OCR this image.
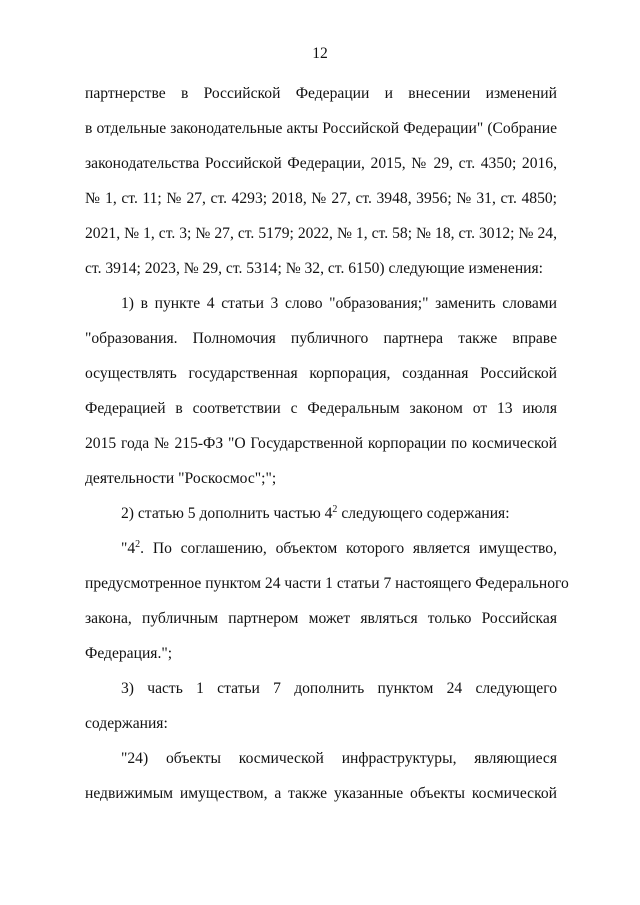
12
партнерстве в Российской Федерации и внесении изменений
в отдельные законодательные акты Российской Федерации" (Собрание
законодательства Российской Федерации, 2015, № 29, ст. 4350; 2016,
№ 1, ст. 11; № 27, ст. 4293; 2018, № 27, ст. 3948, 3956; № 31, ст. 4850;
2021, № 1, ст. 3; № 27, ст. 5179; 2022, № 1, ст. 58; № 18, ст. 3012; № 24,
ст. 3914; 2023, № 29, ст. 5314; № 32, ст. 6150) следующие изменения:
1) в пункте 4 статьи 3 слово "образования;" заменить словами
"образования. Полномочия публичного партнера также вправе
осуществлять государственная корпорация, созданная Российской
Федерацией в соответствии с Федеральным законом от 13 июля
2015 года № 215-ФЗ "О Государственной корпорации по космической
деятельности "Роскосмос";";
2) статью 5 дополнить частью $4^2$ следующего содержания:
"$4^2$. По соглашению, объектом которого является имущество,
предусмотренное пунктом 24 части 1 статьи 7 настоящего Федерального
закона, публичным партнером может являться только Российская
Федерация.";
3) часть 1 статьи 7 дополнить пунктом 24 следующего
содержания:
"24) объекты космической инфраструктуры, являющиеся
недвижимым имуществом, а также указанные объекты космической
